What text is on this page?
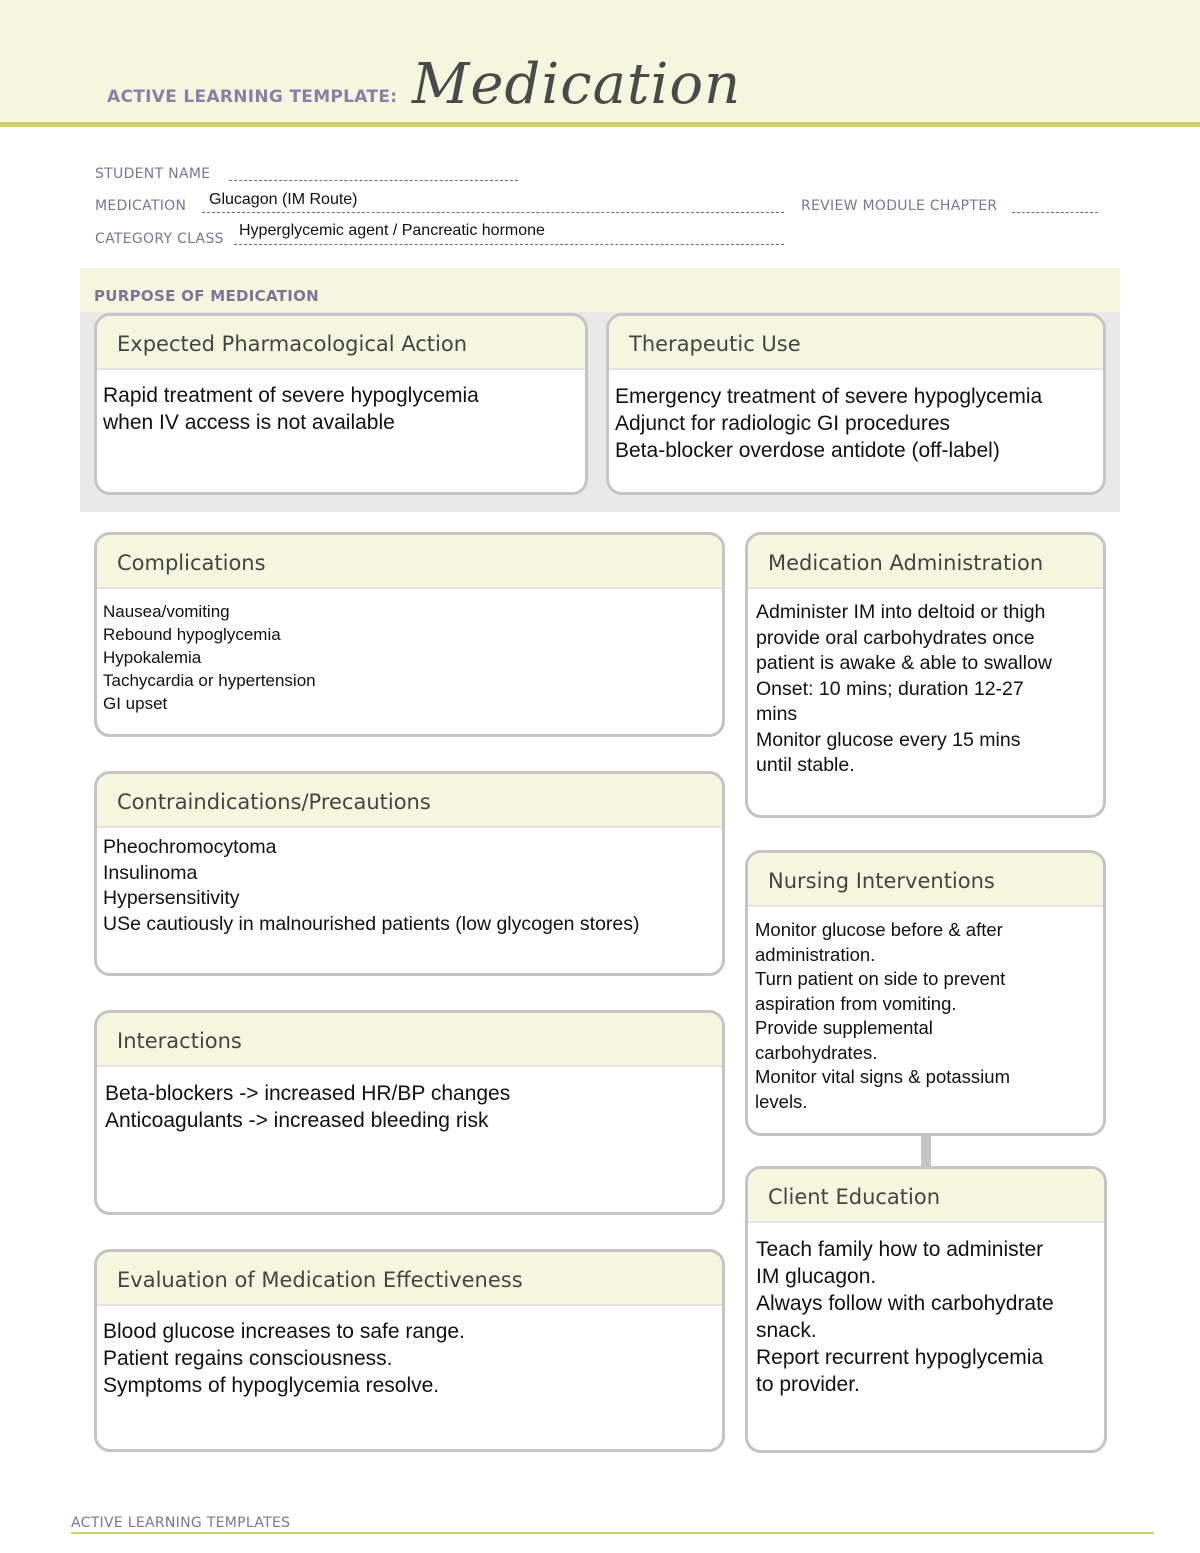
ACTIVE LEARNING TEMPLATE: Medication
STUDENT NAME
MEDICATION Glucagon (IM Route)	REVIEW MODULE CHAPTER
CATEGORY CLASS Hyperglycemic agent / Pancreatic hormone
PURPOSE OF MEDICATION
Expected Pharmacological Action
Rapid treatment of severe hypoglycemia
when IV access is not available
Therapeutic Use
Emergency treatment of severe hypoglycemia
Adjunct for radiologic GI procedures
Beta-blocker overdose antidote (off-label)
Complications
Nausea/vomiting
Rebound hypoglycemia
Hypokalemia
Tachycardia or hypertension
GI upset
Contraindications/Precautions
Pheochromocytoma
Insulinoma
Hypersensitivity
USe cautiously in malnourished patients (low glycogen stores)
Interactions
Beta-blockers -> increased HR/BP changes
Anticoagulants -> increased bleeding risk
Evaluation of Medication Effectiveness
Blood glucose increases to safe range.
Patient regains consciousness.
Symptoms of hypoglycemia resolve.
Medication Administration
Administer IM into deltoid or thigh
provide oral carbohydrates once
patient is awake & able to swallow
Onset: 10 mins; duration 12-27
mins
Monitor glucose every 15 mins
until stable.
Nursing Interventions
Monitor glucose before & after
administration.
Turn patient on side to prevent
aspiration from vomiting.
Provide supplemental
carbohydrates.
Monitor vital signs & potassium
levels.
Client Education
Teach family how to administer
IM glucagon.
Always follow with carbohydrate
snack.
Report recurrent hypoglycemia
to provider.
ACTIVE LEARNING TEMPLATES
